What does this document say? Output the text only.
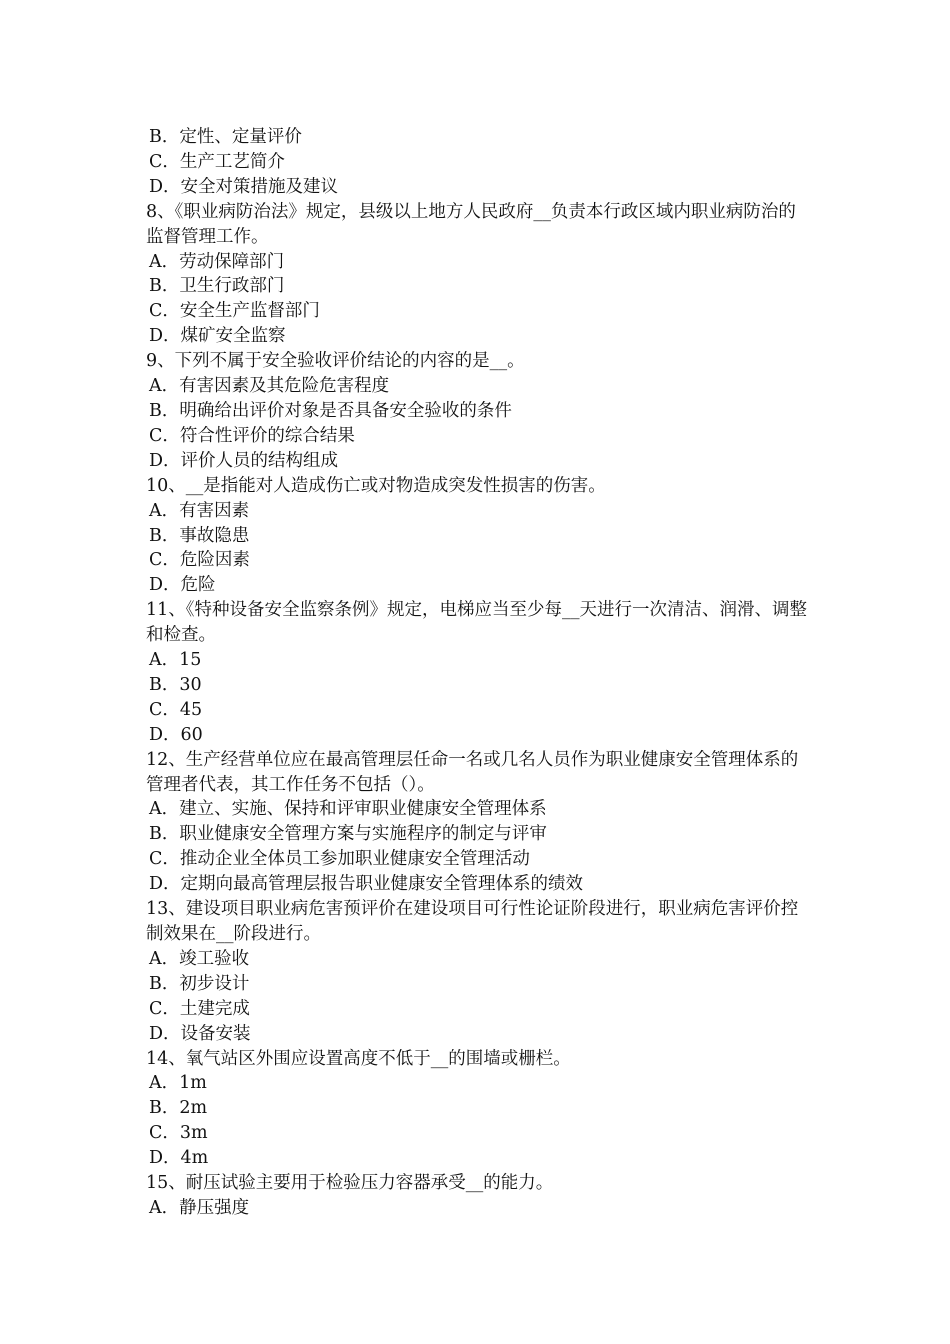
B．定性、定量评价

C．生产工艺简介

D．安全对策措施及建议

8、《职业病防治法》规定，县级以上地方人民政府__负责本行政区域内职业病防治的监督管理工作。

A．劳动保障部门

B．卫生行政部门

C．安全生产监督部门

D．煤矿安全监察

9、下列不属于安全验收评价结论的内容的是__。

A．有害因素及其危险危害程度

B．明确给出评价对象是否具备安全验收的条件

C．符合性评价的综合结果

D．评价人员的结构组成

10、__是指能对人造成伤亡或对物造成突发性损害的伤害。

A．有害因素

B．事故隐患

C．危险因素

D．危险

11、《特种设备安全监察条例》规定，电梯应当至少每__天进行一次清洁、润滑、调整和检查。

A．15

B．30

C．45

D．60

12、生产经营单位应在最高管理层任命一名或几名人员作为职业健康安全管理体系的管理者代表，其工作任务不包括（）。

A．建立、实施、保持和评审职业健康安全管理体系

B．职业健康安全管理方案与实施程序的制定与评审

C．推动企业全体员工参加职业健康安全管理活动

D．定期向最高管理层报告职业健康安全管理体系的绩效

13、建设项目职业病危害预评价在建设项目可行性论证阶段进行，职业病危害评价控制效果在__阶段进行。

A．竣工验收

B．初步设计

C．土建完成

D．设备安装

14、氧气站区外围应设置高度不低于__的围墙或栅栏。

A．1m

B．2m

C．3m

D．4m

15、耐压试验主要用于检验压力容器承受__的能力。

A．静压强度
